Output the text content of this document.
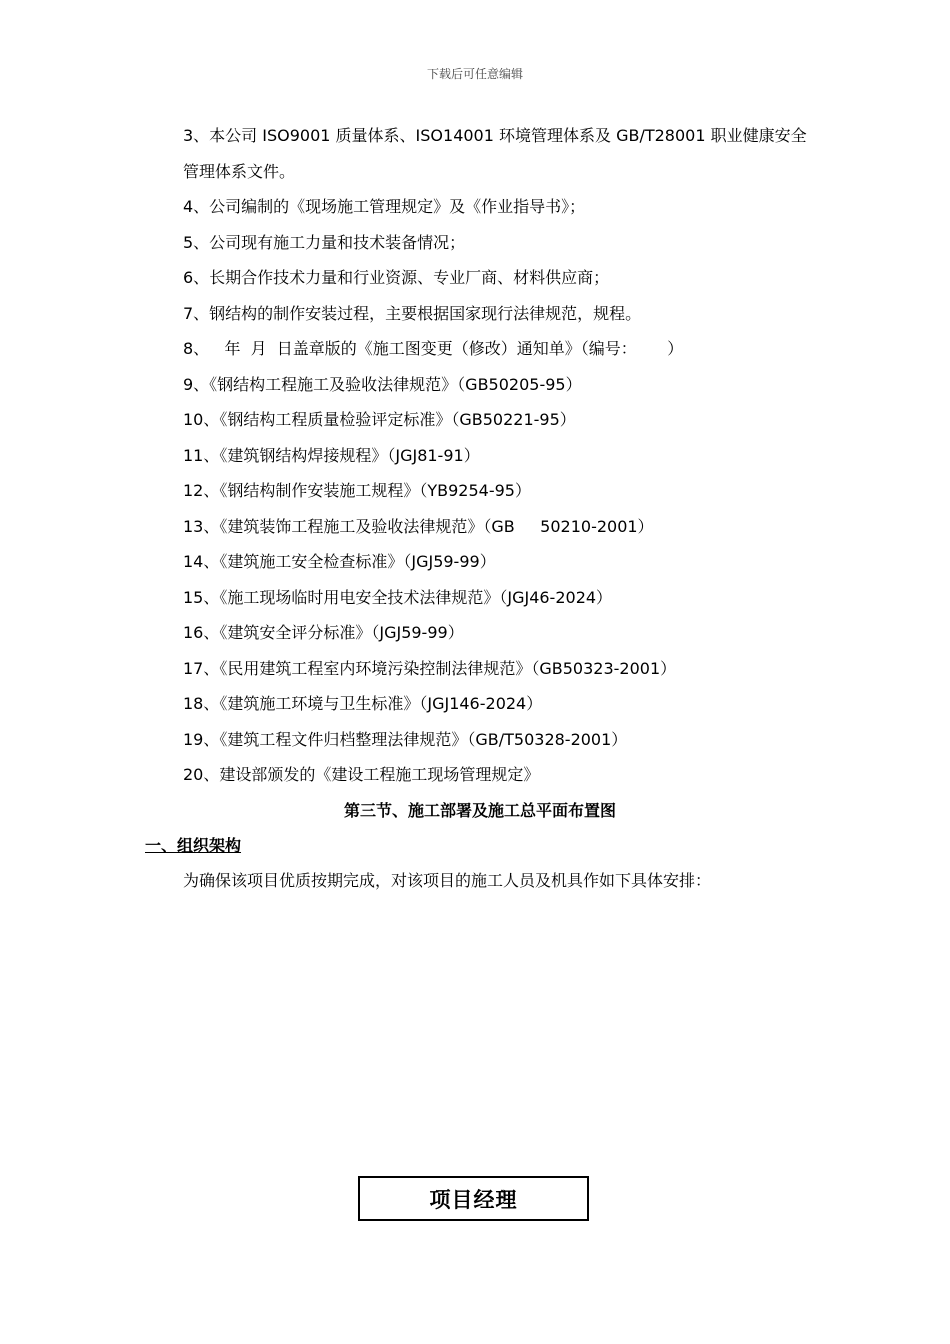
下载后可任意编辑
3、本公司 ISO9001 质量体系、ISO14001 环境管理体系及 GB/T28001 职业健康安全管理体系文件。
4、公司编制的《现场施工管理规定》及《作业指导书》；
5、公司现有施工力量和技术装备情况；
6、长期合作技术力量和行业资源、专业厂商、材料供应商；
7、钢结构的制作安装过程，主要根据国家现行法律规范，规程。
8、   年  月  日盖章版的《施工图变更（修改）通知单》（编号：      ）
9、《钢结构工程施工及验收法律规范》（GB50205-95）
10、《钢结构工程质量检验评定标准》（GB50221-95）
11、《建筑钢结构焊接规程》（JGJ81-91）
12、《钢结构制作安装施工规程》（YB9254-95）
13、《建筑装饰工程施工及验收法律规范》（GB     50210-2001）
14、《建筑施工安全检查标准》（JGJ59-99）
15、《施工现场临时用电安全技术法律规范》（JGJ46-2024）
16、《建筑安全评分标准》（JGJ59-99）
17、《民用建筑工程室内环境污染控制法律规范》（GB50323-2001）
18、《建筑施工环境与卫生标准》（JGJ146-2024）
19、《建筑工程文件归档整理法律规范》（GB/T50328-2001）
20、建设部颁发的《建设工程施工现场管理规定》
第三节、施工部署及施工总平面布置图
一、组织架构
为确保该项目优质按期完成，对该项目的施工人员及机具作如下具体安排：
项目经理
